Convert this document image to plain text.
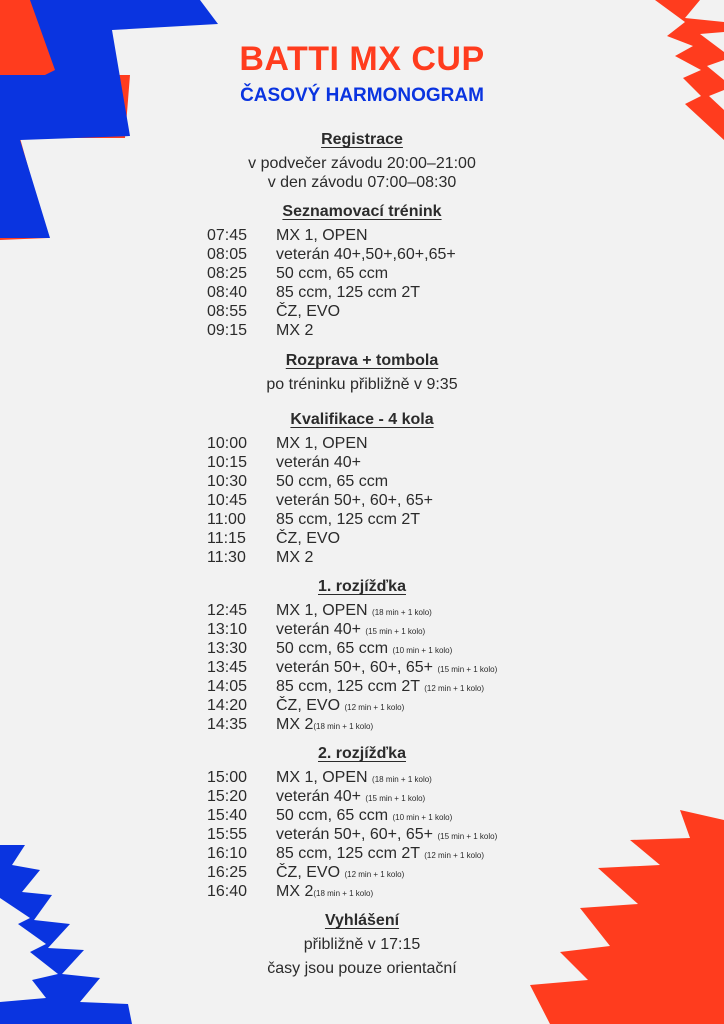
BATTI MX CUP
ČASOVÝ HARMONOGRAM
Registrace
v podvečer závodu 20:00–21:00
v den závodu 07:00–08:30
Seznamovací trénink
07:45 MX 1, OPEN
08:05 veterán 40+,50+,60+,65+
08:25 50 ccm, 65 ccm
08:40 85 ccm, 125 ccm 2T
08:55 ČZ, EVO
09:15 MX 2
Rozprava + tombola
po tréninku přibližně v 9:35
Kvalifikace - 4 kola
10:00 MX 1, OPEN
10:15 veterán 40+
10:30 50 ccm, 65 ccm
10:45 veterán 50+, 60+, 65+
11:00 85 ccm, 125 ccm 2T
11:15 ČZ, EVO
11:30 MX 2
1. rozjížďka
12:45 MX 1, OPEN (18 min + 1 kolo)
13:10 veterán 40+ (15 min + 1 kolo)
13:30 50 ccm, 65 ccm (10 min + 1 kolo)
13:45 veterán 50+, 60+, 65+ (15 min + 1 kolo)
14:05 85 ccm, 125 ccm 2T (12 min + 1 kolo)
14:20 ČZ, EVO (12 min + 1 kolo)
14:35 MX 2(18 min + 1 kolo)
2. rozjížďka
15:00 MX 1, OPEN (18 min + 1 kolo)
15:20 veterán 40+ (15 min + 1 kolo)
15:40 50 ccm, 65 ccm (10 min + 1 kolo)
15:55 veterán 50+, 60+, 65+ (15 min + 1 kolo)
16:10 85 ccm, 125 ccm 2T (12 min + 1 kolo)
16:25 ČZ, EVO (12 min + 1 kolo)
16:40 MX 2(18 min + 1 kolo)
Vyhlášení
přibližně v 17:15
časy jsou pouze orientační
